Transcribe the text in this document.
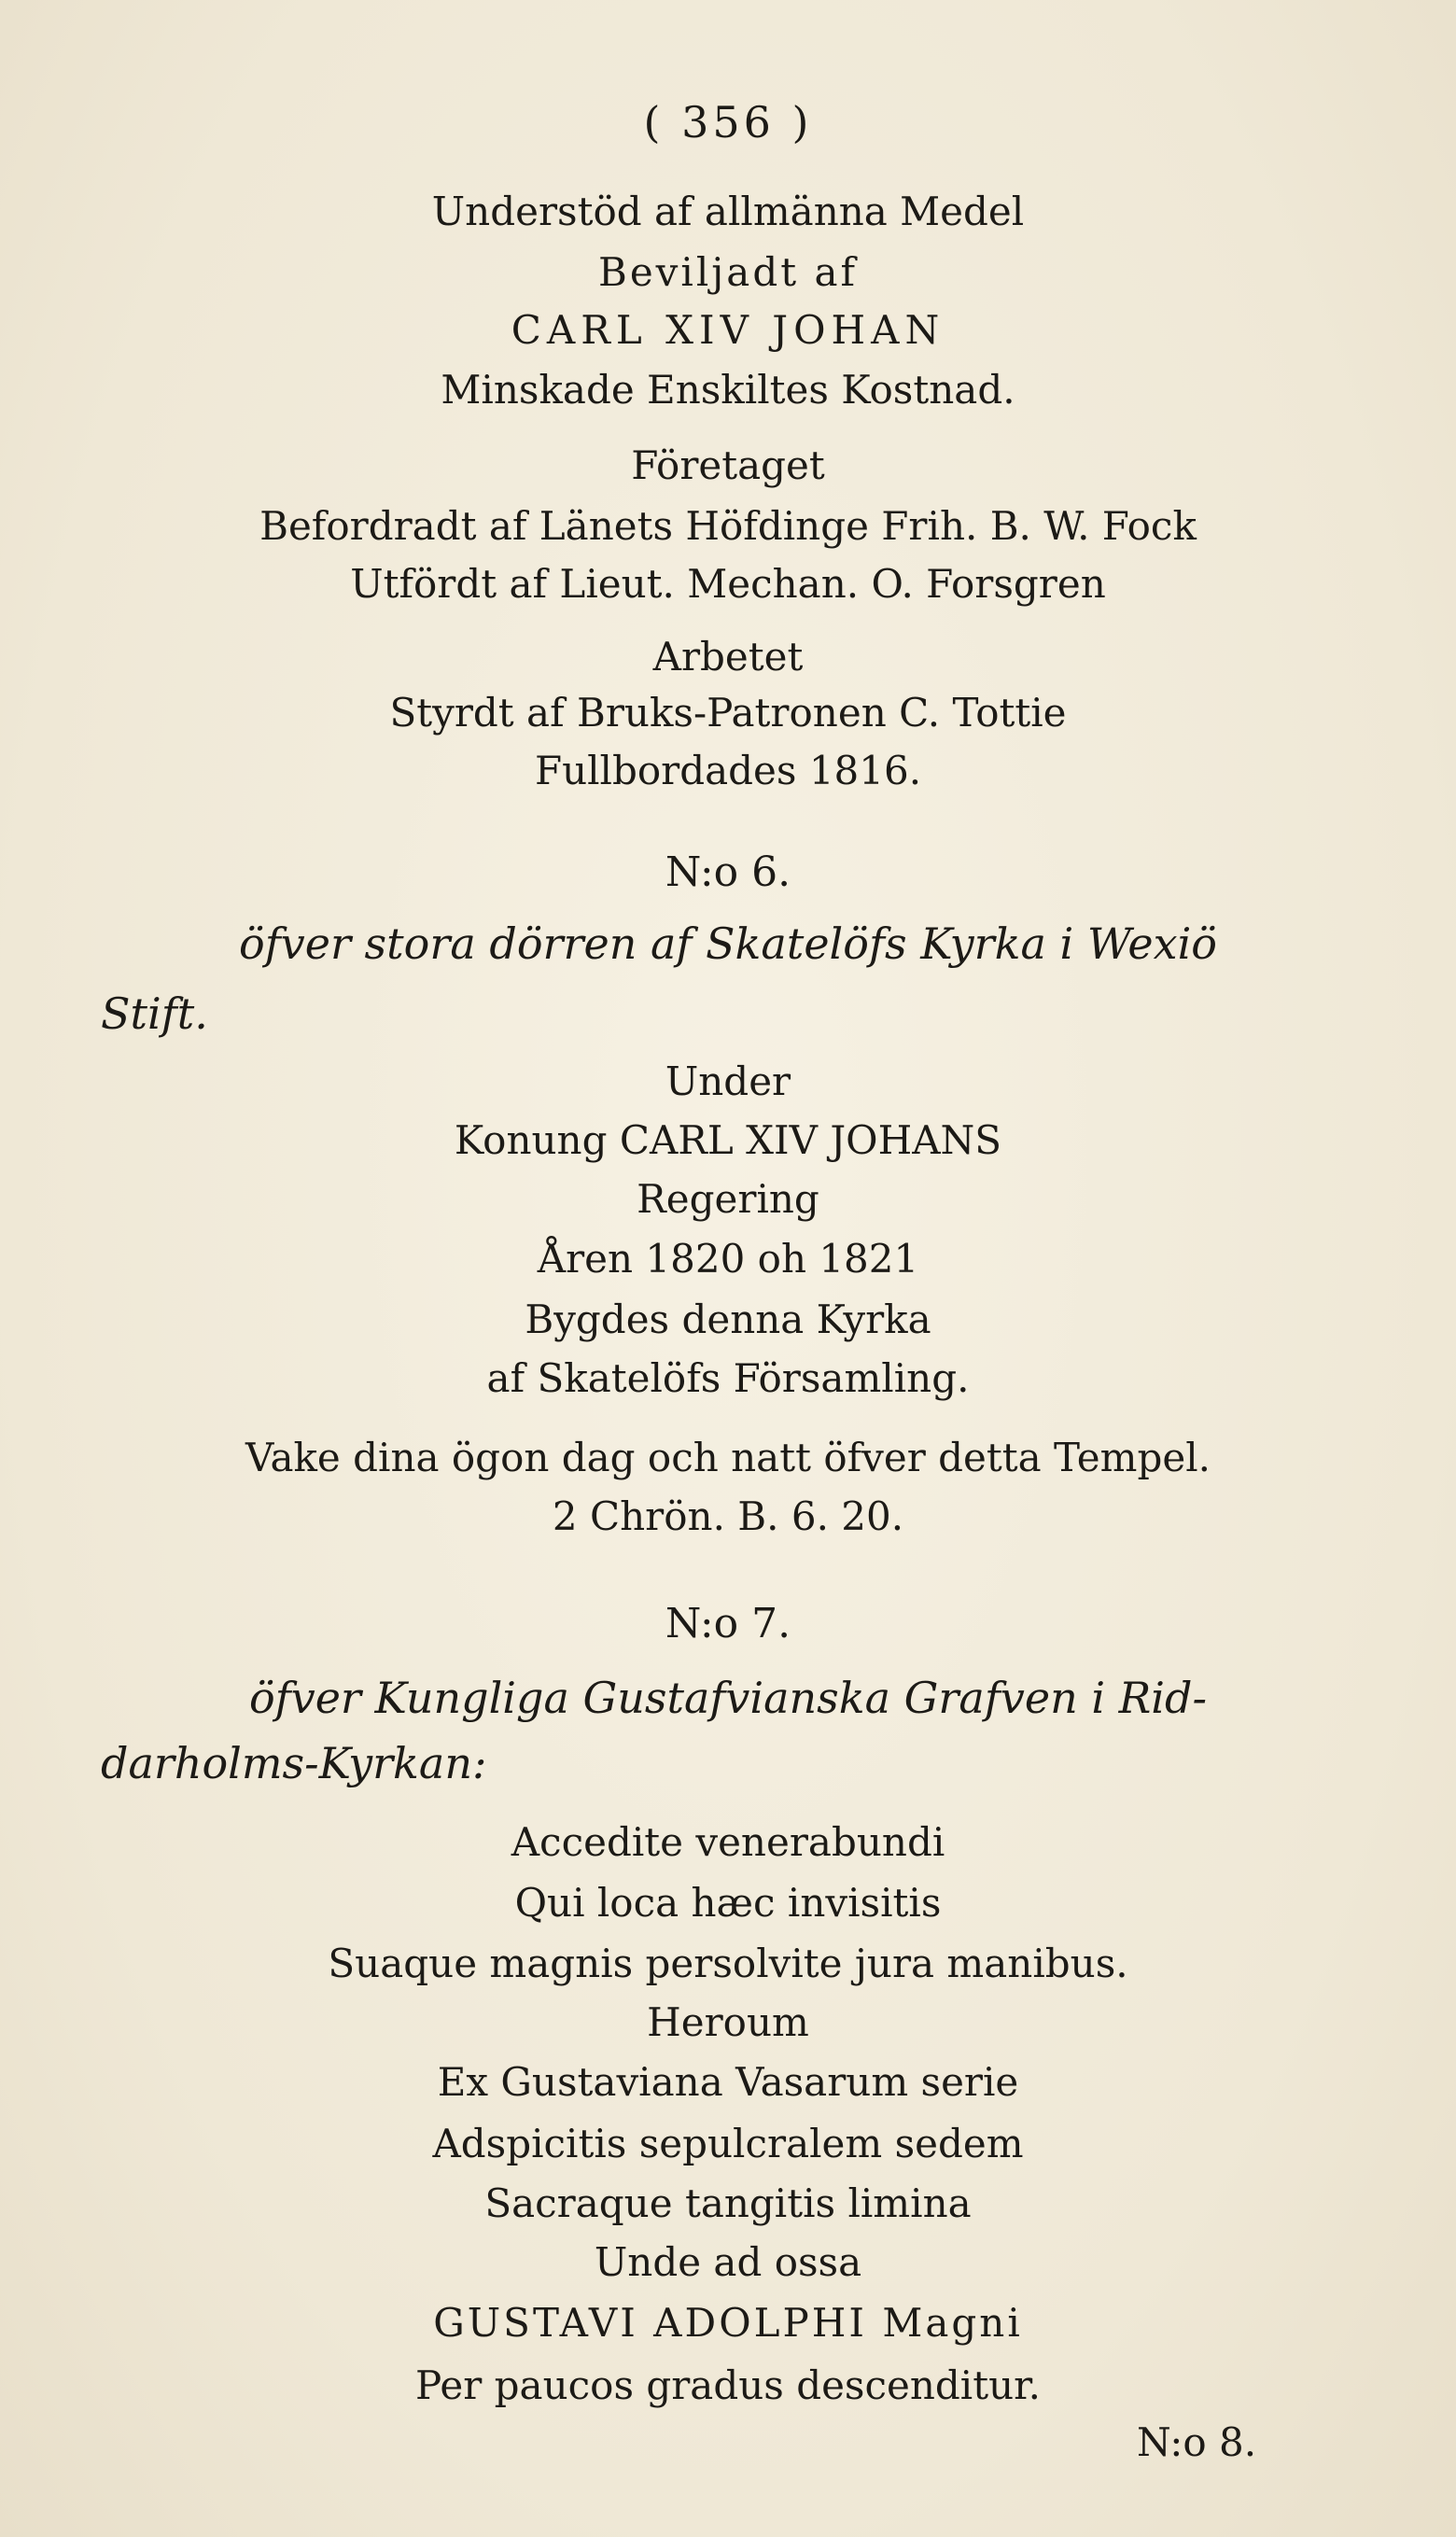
( 356 )
Understöd af allmänna Medel
Beviljadt af
CARL XIV JOHAN
Minskade Enskiltes Kostnad.
Företaget
Befordradt af Länets Höfdinge Frih. B. W. Fock
Utfördt af Lieut. Mechan. O. Forsgren
Arbetet
Styrdt af Bruks-Patronen C. Tottie
Fullbordades 1816.
N:o 6.
öfver stora dörren af Skatelöfs Kyrka i Wexiö
Stift.
Under
Konung CARL XIV JOHANS
Regering
Åren 1820 oh 1821
Bygdes denna Kyrka
af Skatelöfs Församling.
Vake dina ögon dag och natt öfver detta Tempel.
2 Chrön. B. 6. 20.
N:o 7.
öfver Kungliga Gustafvianska Grafven i Rid-
darholms-Kyrkan:
Accedite venerabundi
Qui loca hæc invisitis
Suaque magnis persolvite jura manibus.
Heroum
Ex Gustaviana Vasarum serie
Adspicitis sepulcralem sedem
Sacraque tangitis limina
Unde ad ossa
GUSTAVI ADOLPHI Magni
Per paucos gradus descenditur.
N:o 8.
